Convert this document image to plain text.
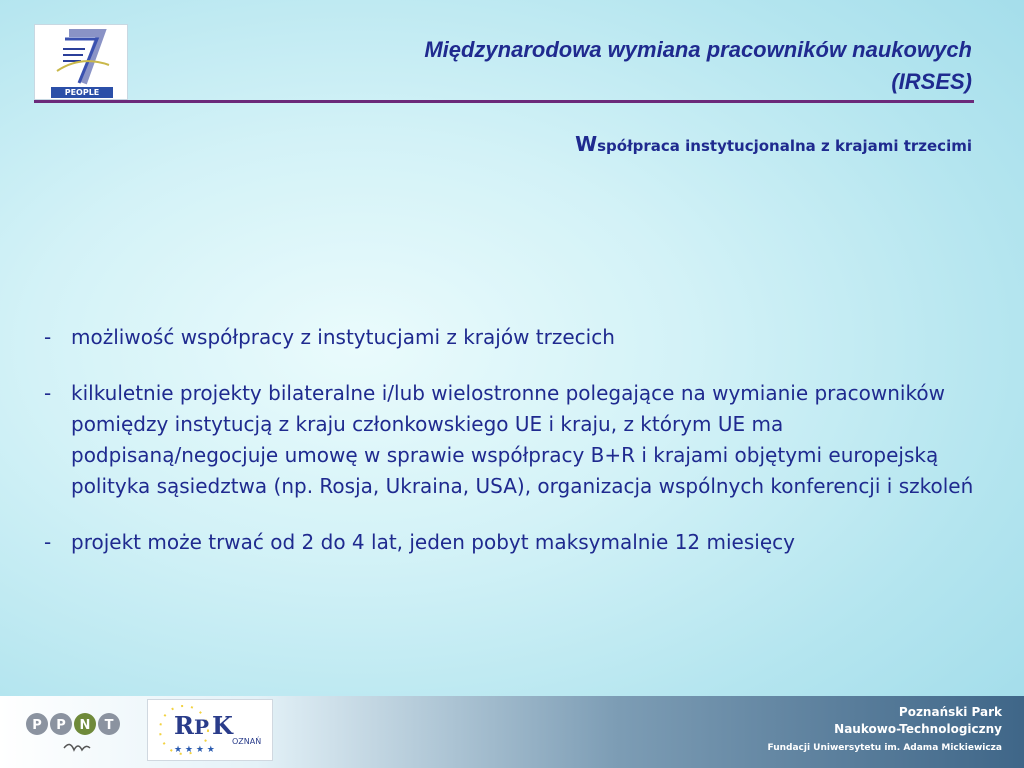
PEOPLE
Międzynarodowa wymiana pracowników naukowych
(IRSES)
Współpraca instytucjonalna z krajami trzecimi
- możliwość współpracy z instytucjami z krajów trzecich
- kilkuletnie projekty bilateralne i/lub wielostronne polegające na wymianie pracowników pomiędzy instytucją z kraju członkowskiego UE i kraju, z którym UE ma podpisaną/negocjuje umowę w sprawie współpracy B+R i krajami objętymi europejską polityka sąsiedztwa (np. Rosja, Ukraina, USA), organizacja wspólnych konferencji i szkoleń
- projekt może trwać od 2 do 4 lat, jeden pobyt maksymalnie 12 miesięcy
P P N T	R P K
OZNAŃ
★ ★ ★ ★
Poznański Park
Naukowo-Technologiczny
Fundacji Uniwersytetu im. Adama Mickiewicza
